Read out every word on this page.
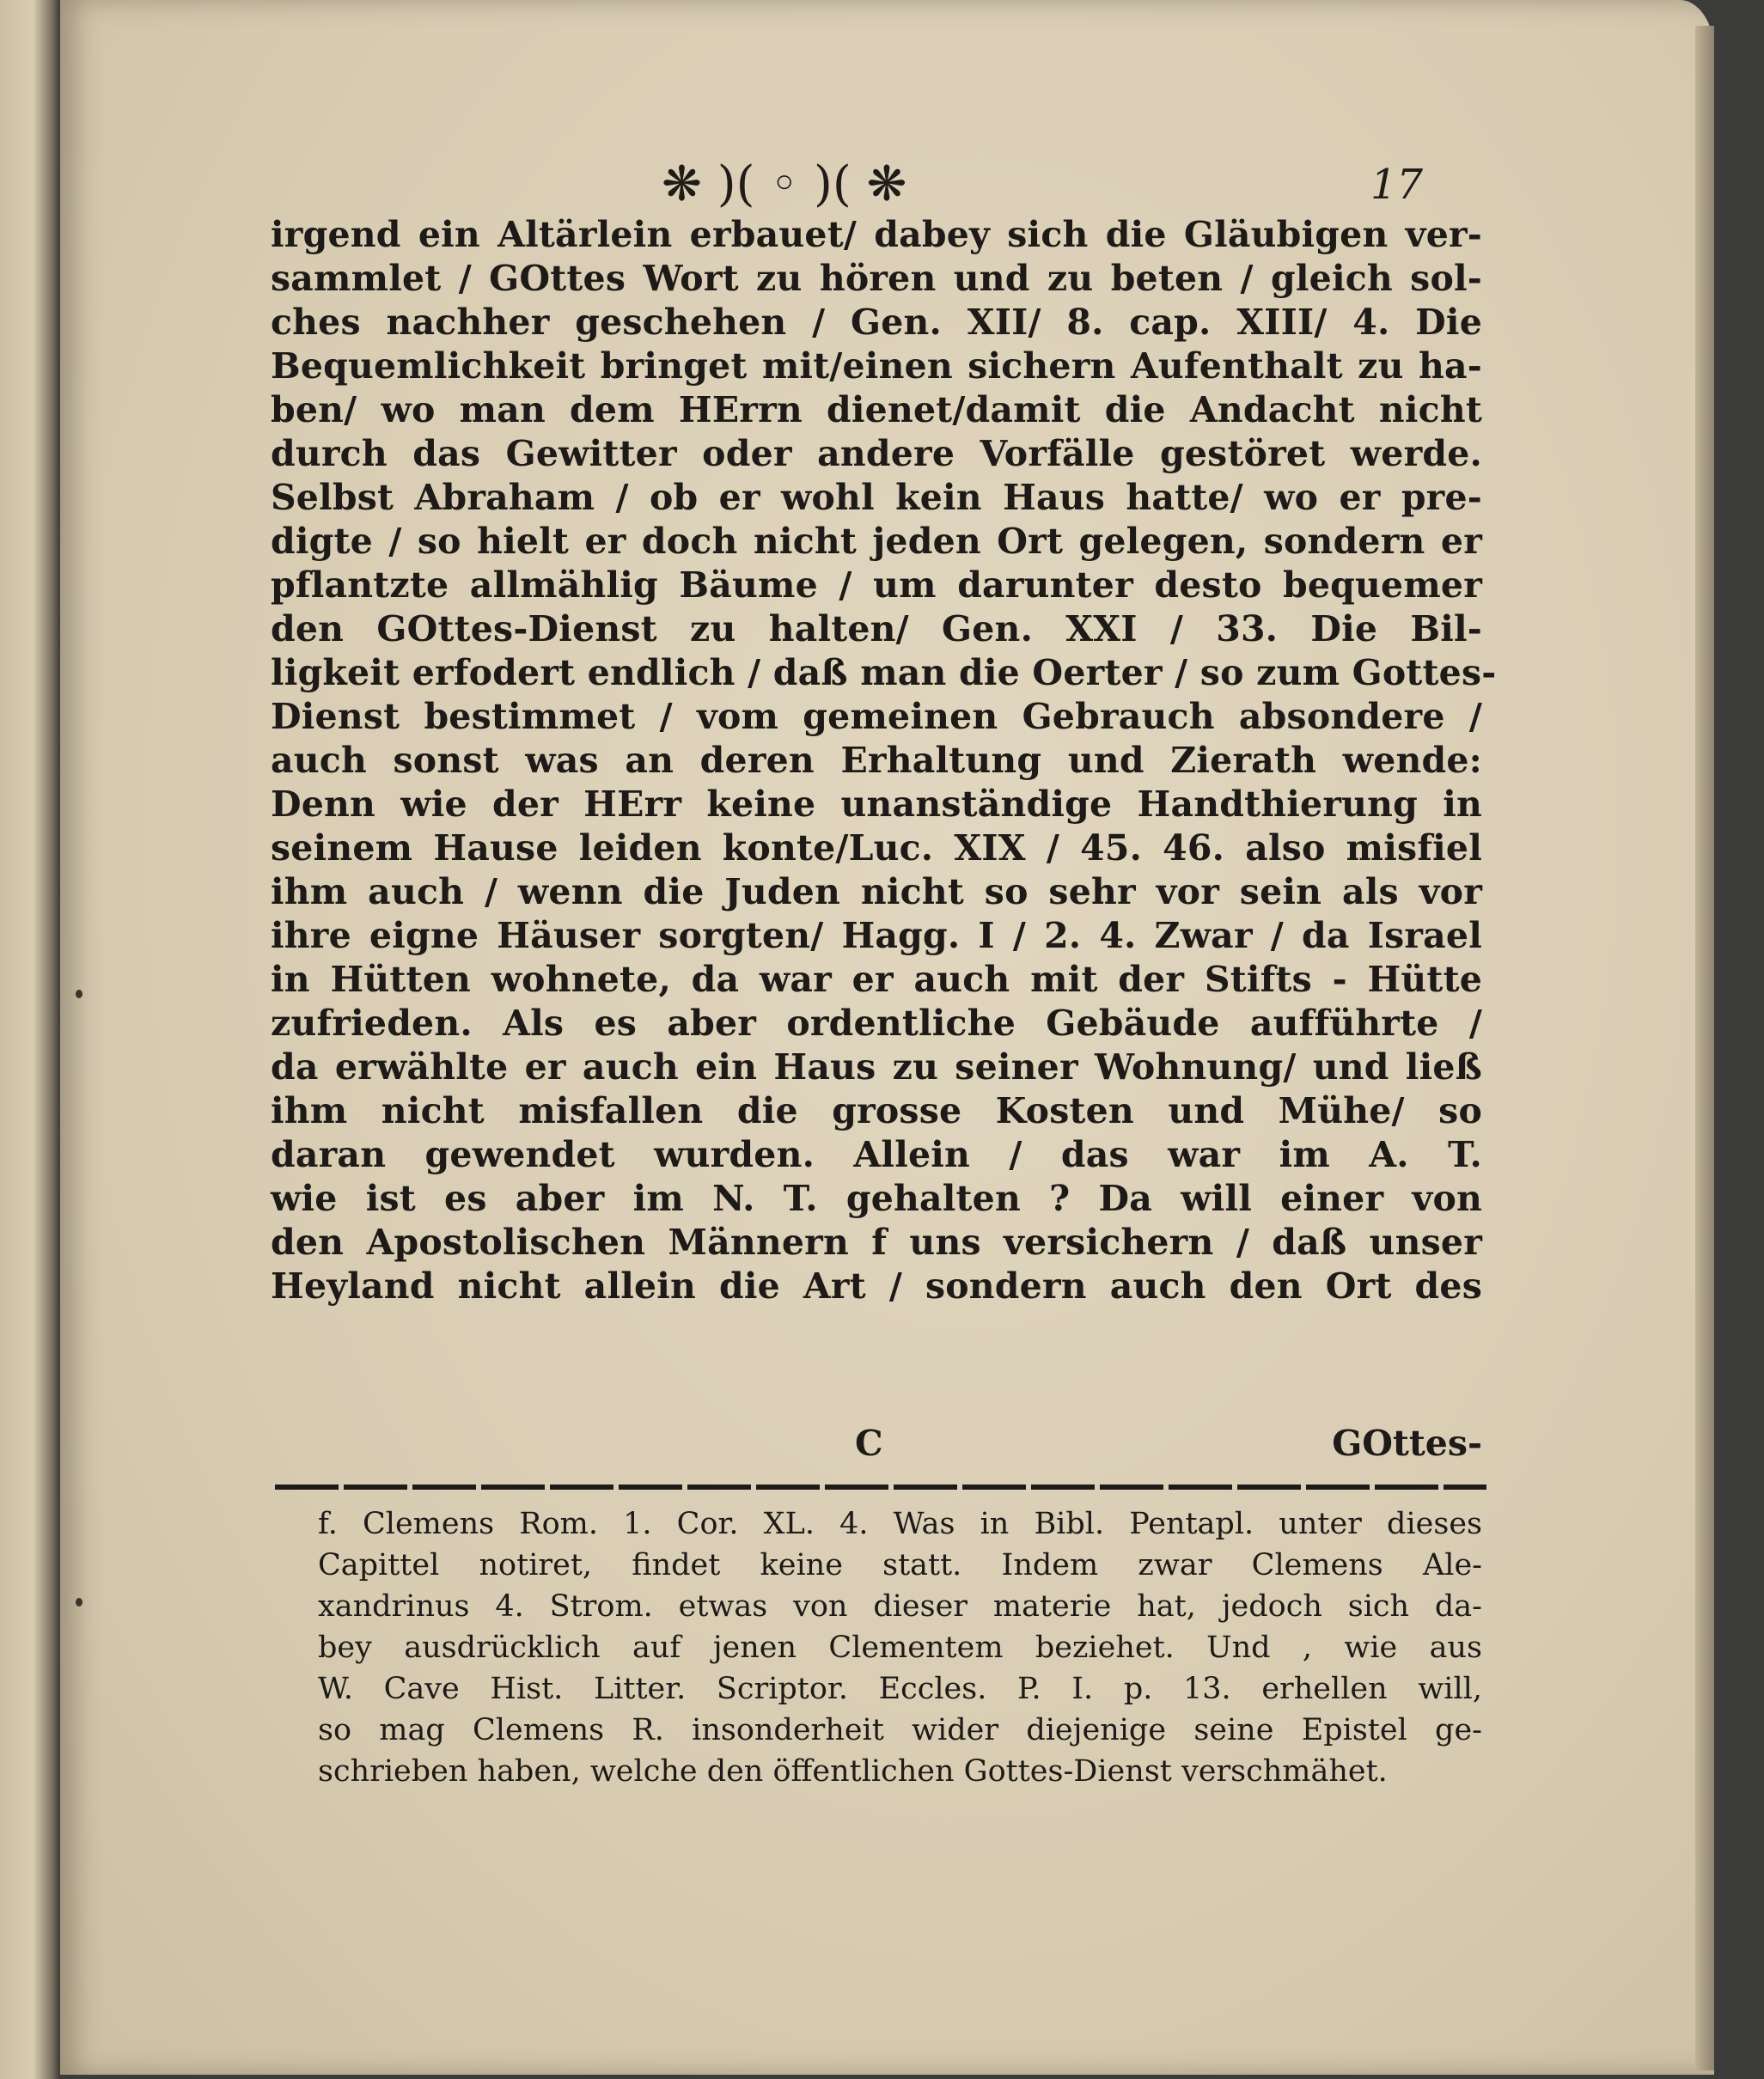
❋ )( ◦ )( ❋	17
irgend ein Altärlein erbauet/ dabey sich die Gläubigen ver-
sammlet / GOttes Wort zu hören und zu beten / gleich sol-
ches nachher geschehen / Gen. XII/ 8. cap. XIII/ 4. Die
Bequemlichkeit bringet mit/einen sichern Aufenthalt zu ha-
ben/ wo man dem HErrn dienet/damit die Andacht nicht
durch das Gewitter oder andere Vorfälle gestöret werde.
Selbst Abraham / ob er wohl kein Haus hatte/ wo er pre-
digte / so hielt er doch nicht jeden Ort gelegen, sondern er
pflantzte allmählig Bäume / um darunter desto bequemer
den GOttes-Dienst zu halten/ Gen. XXI / 33. Die Bil-
ligkeit erfodert endlich / daß man die Oerter / so zum Gottes-
Dienst bestimmet / vom gemeinen Gebrauch absondere /
auch sonst was an deren Erhaltung und Zierath wende:
Denn wie der HErr keine unanständige Handthierung in
seinem Hause leiden konte/Luc. XIX / 45. 46. also misfiel
ihm auch / wenn die Juden nicht so sehr vor sein als vor
ihre eigne Häuser sorgten/ Hagg. I / 2. 4. Zwar / da Israel
in Hütten wohnete, da war er auch mit der Stifts - Hütte
zufrieden. Als es aber ordentliche Gebäude aufführte /
da erwählte er auch ein Haus zu seiner Wohnung/ und ließ
ihm nicht misfallen die grosse Kosten und Mühe/ so
daran gewendet wurden. Allein / das war im A. T.
wie ist es aber im N. T. gehalten ? Da will einer von
den Apostolischen Männern f uns versichern / daß unser
Heyland nicht allein die Art / sondern auch den Ort des
C	GOttes-
f. Clemens Rom. 1. Cor. XL. 4. Was in Bibl. Pentapl. unter dieses
Capittel notiret, findet keine statt. Indem zwar Clemens Ale-
xandrinus 4. Strom. etwas von dieser materie hat, jedoch sich da-
bey ausdrücklich auf jenen Clementem beziehet. Und , wie aus
W. Cave Hist. Litter. Scriptor. Eccles. P. I. p. 13. erhellen will,
so mag Clemens R. insonderheit wider diejenige seine Epistel ge-
schrieben haben, welche den öffentlichen Gottes-Dienst verschmähet.
